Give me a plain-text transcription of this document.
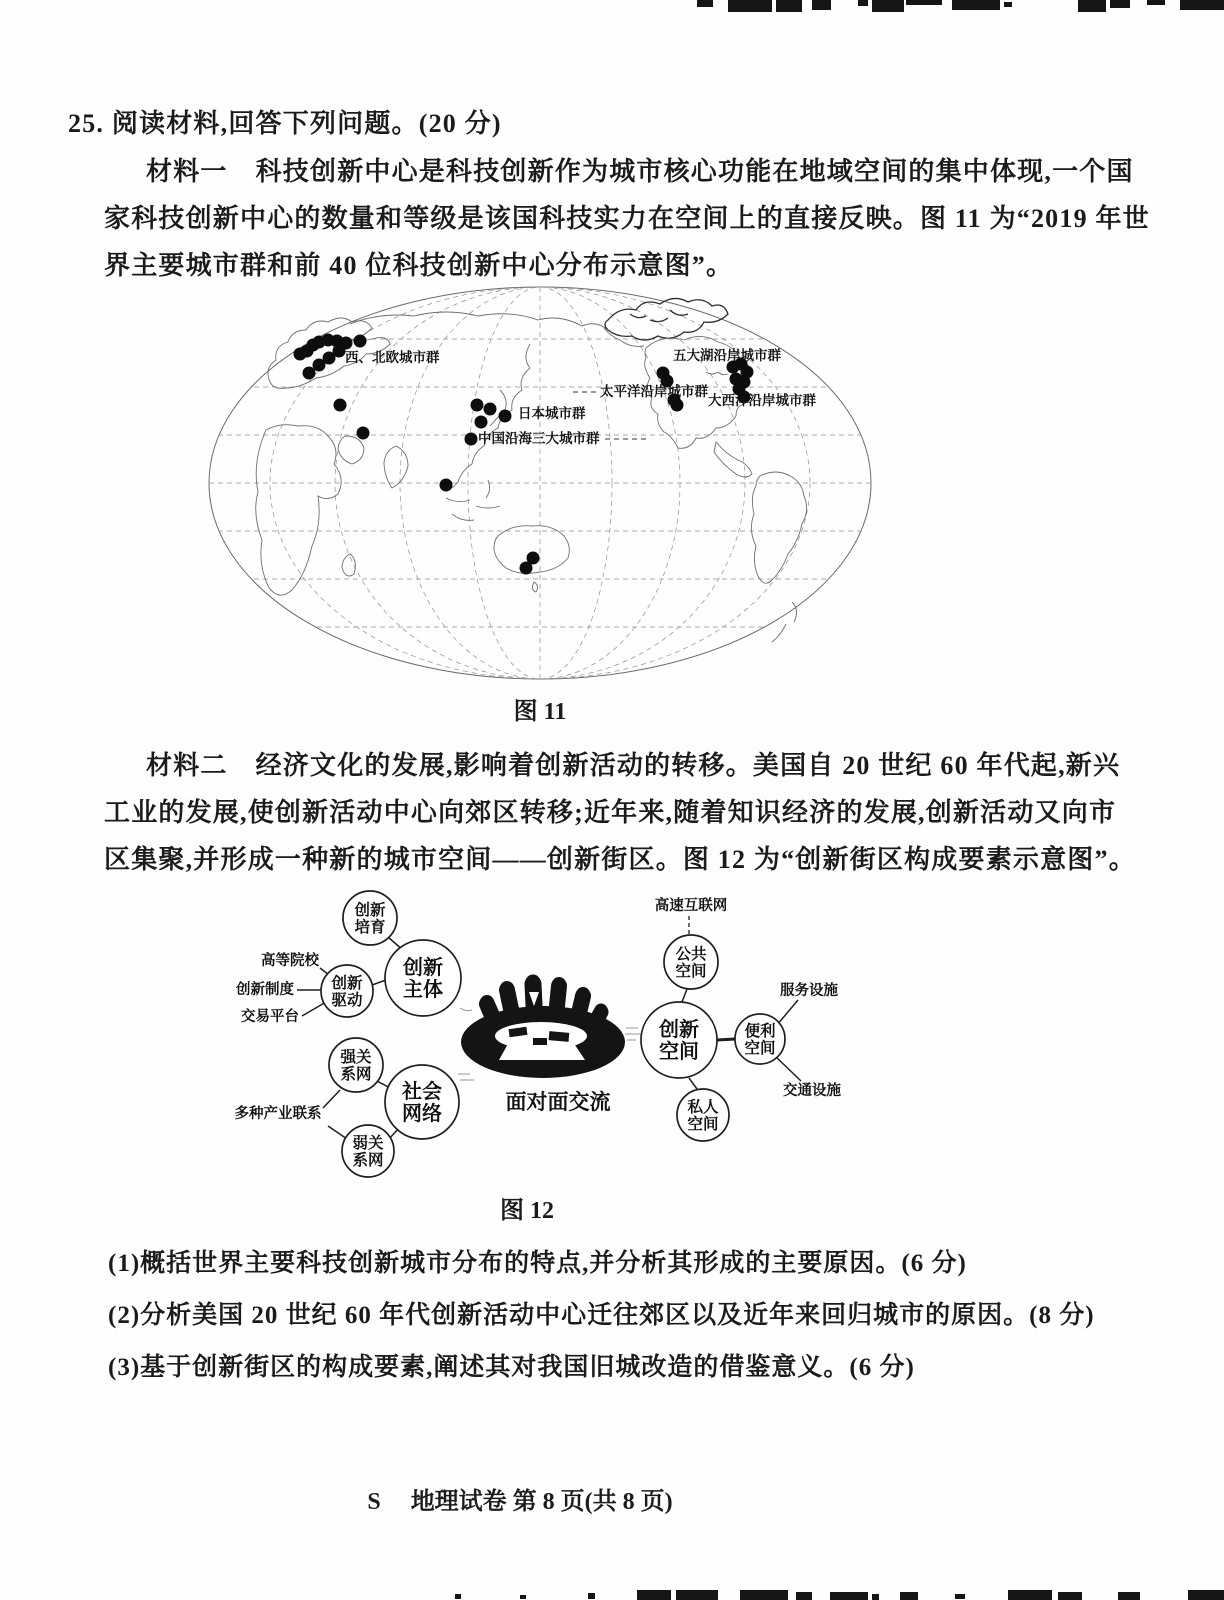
25. 阅读材料,回答下列问题。(20 分)
材料一 科技创新中心是科技创新作为城市核心功能在地域空间的集中体现,一个国
家科技创新中心的数量和等级是该国科技实力在空间上的直接反映。图 11 为“2019 年世
界主要城市群和前 40 位科技创新中心分布示意图”。
西、北欧城市群	五大湖沿岸城市群
太平洋沿岸城市群
大西洋沿岸城市群
日本城市群
中国沿海三大城市群
图 11
材料二 经济文化的发展,影响着创新活动的转移。美国自 20 世纪 60 年代起,新兴
工业的发展,使创新活动中心向郊区转移;近年来,随着知识经济的发展,创新活动又向市
区集聚,并形成一种新的城市空间——创新街区。图 12 为“创新街区构成要素示意图”。
面对面交流
创新
培育
创新
主体
创新
驱动
强关
系网
社会
网络
弱关
系网
公共
空间
创新
空间
便利
空间
私人
空间
高等院校
创新制度
交易平台
多种产业联系
高速互联网
服务设施
交通设施
图 12
(1)概括世界主要科技创新城市分布的特点,并分析其形成的主要原因。(6 分)
(2)分析美国 20 世纪 60 年代创新活动中心迁往郊区以及近年来回归城市的原因。(8 分)
(3)基于创新街区的构成要素,阐述其对我国旧城改造的借鉴意义。(6 分)
S 地理试卷 第 8 页(共 8 页)
